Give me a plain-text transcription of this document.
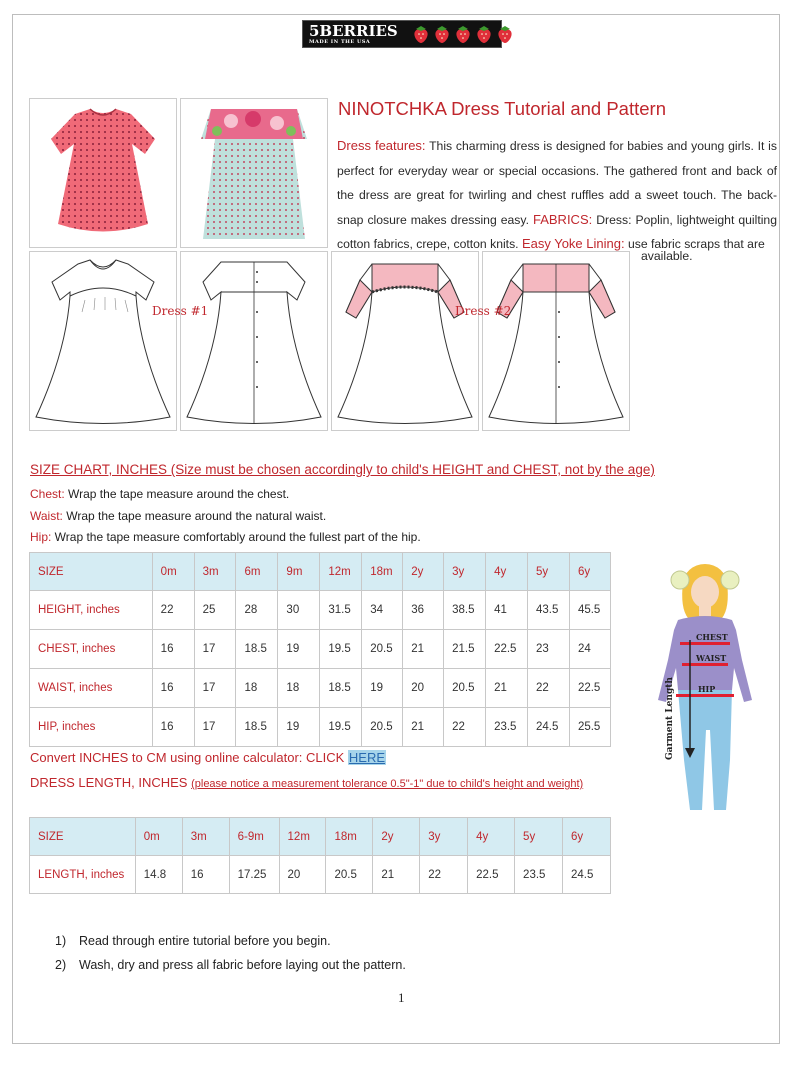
5BERRIES
MADE IN THE USA
NINOTCHKA Dress Tutorial and Pattern
Dress features: This charming dress is designed for babies and young girls. It is perfect for everyday wear or special occasions. The gathered front and back of the dress are great for twirling and chest ruffles add a sweet touch. The back-snap closure makes dressing easy. FABRICS: Dress: Poplin, lightweight quilting cotton fabrics, crepe, cotton knits. Easy Yoke Lining: use fabric scraps that are
available.
Dress #1	Dress #2
SIZE CHART, INCHES (Size must be chosen accordingly to child's HEIGHT and CHEST, not by the age)
Chest: Wrap the tape measure around the chest.
Waist: Wrap the tape measure around the natural waist.
Hip: Wrap the tape measure comfortably around the fullest part of the hip.
SIZE	0m	3m	6m	9m	12m	18m	2y	3y	4y	5y	6y
HEIGHT, inches	22	25	28	30	31.5	34	36	38.5	41	43.5	45.5
CHEST, inches	16	17	18.5	19	19.5	20.5	21	21.5	22.5	23	24
WAIST, inches	16	17	18	18	18.5	19	20	20.5	21	22	22.5
HIP, inches	16	17	18.5	19	19.5	20.5	21	22	23.5	24.5	25.5
Convert INCHES to CM using online calculator: CLICK HERE
DRESS LENGTH, INCHES (please notice a measurement tolerance 0.5"-1" due to child's height and weight)
SIZE	0m	3m	6-9m	12m	18m	2y	3y	4y	5y	6y
LENGTH, inches	14.8	16	17.25	20	20.5	21	22	22.5	23.5	24.5
CHEST
WAIST
HIP
Garment Length
1) Read through entire tutorial before you begin.
2) Wash, dry and press all fabric before laying out the pattern.
1
